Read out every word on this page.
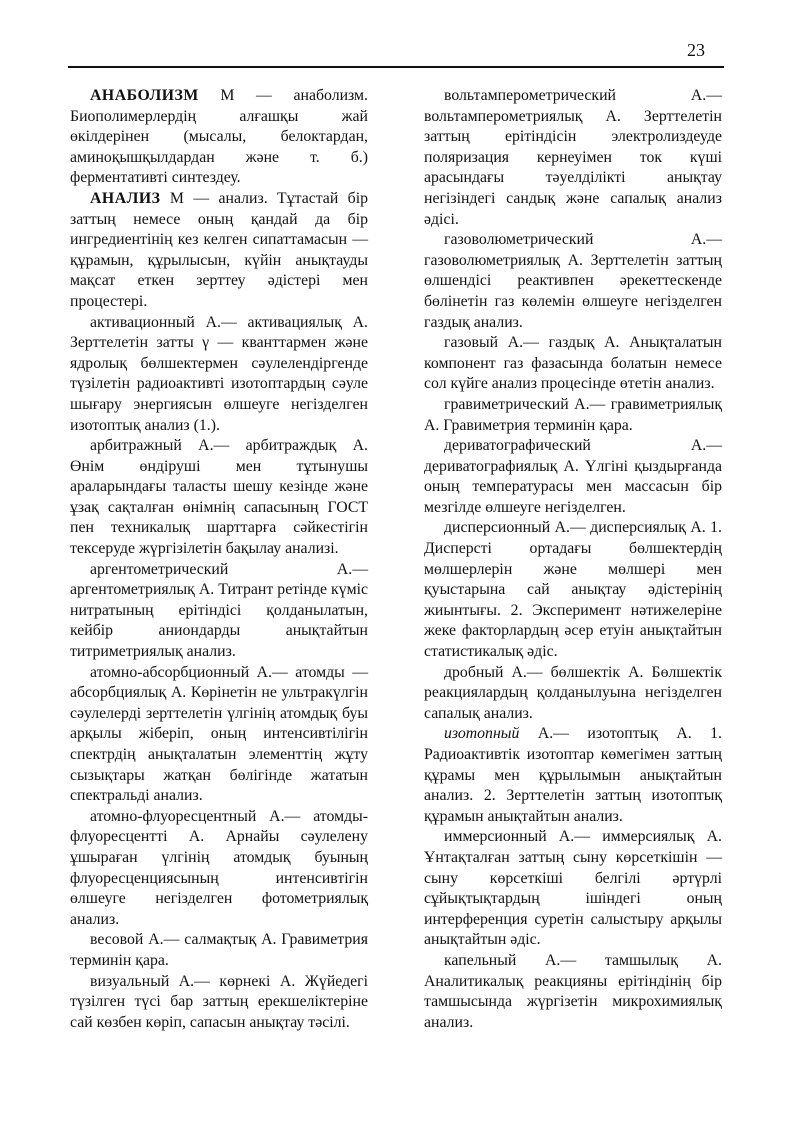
23

АНАБОЛИЗМ М — анаболизм. Биополимерлердің алғашқы жай өкілдерінен (мысалы, белоктардан, аминоқышқылдардан және т. б.) ферментативті синтездеу.

АНАЛИЗ М — анализ. Тұтастай бір заттың немесе оның қандай да бір ингредиентінің кез келген сипаттамасын — құрамын, құрылысын, күйін анықтауды мақсат еткен зерттеу әдістері мен процестері.

активационный А.— активациялық А. Зерттелетін затты γ — кванттармен және ядролық бөлшектермен сәулелендіргенде түзілетін радиоактивті изотоптардың сәуле шығару энергиясын өлшеуге негізделген изотоптық анализ (1.).

арбитражный А.— арбитраждық А. Өнім өндіруші мен тұтынушы араларындағы таласты шешу кезінде және ұзақ сақталған өнімнің сапасының ГОСТ пен техникалық шарттарға сәйкестігін тексеруде жүргізілетін бақылау анализі.

аргентометрический А.— аргентометриялық А. Титрант ретінде күміс нитратының ерітіндісі қолданылатын, кейбір аниондарды анықтайтын титриметриялық анализ.

атомно-абсорбционный А.— атомды — абсорбциялық А. Көрінетін не ультракүлгін сәулелерді зерттелетін үлгінің атомдық буы арқылы жіберіп, оның интенсивтілігін спектрдің анықталатын элементтің жұту сызықтары жатқан бөлігінде жататын спектральді анализ.

атомно-флуоресцентный А.— атомды-флуоресцентті А. Арнайы сәулелену ұшыраған үлгінің атомдық буының флуоресценциясының интенсивтігін өлшеуге негізделген фотометриялық анализ.

весовой А.— салмақтық А. Гравиметрия терминін қара.

визуальный А.— көрнекі А. Жүйедегі түзілген түсі бар заттың ерекшеліктеріне сай көзбен көріп, сапасын анықтау тәсілі.

вольтамперометрический А.— вольтамперометриялық А. Зерттелетін заттың ерітіндісін электролиздеуде поляризация кернеуімен ток күші арасындағы тәуелділікті анықтау негізіндегі сандық және сапалық анализ әдісі.

газоволюметрический А.— газоволюметриялық А. Зерттелетін заттың өлшендісі реактивпен әрекеттескенде бөлінетін газ көлемін өлшеуге негізделген газдық анализ.

газовый А.— газдық А. Анықталатын компонент газ фазасында болатын немесе сол күйге анализ процесінде өтетін анализ.

гравиметрический А.— гравиметриялық А. Гравиметрия терминін қара.

дериватографический А.— дериватографиялық А. Үлгіні қыздырғанда оның температурасы мен массасын бір мезгілде өлшеуге негізделген.

дисперсионный А.— дисперсиялық А. 1. Дисперсті ортадағы бөлшектердің мөлшерлерін және мөлшері мен қуыстарына сай анықтау әдістерінің жиынтығы. 2. Эксперимент нәтижелеріне жеке факторлардың әсер етуін анықтайтын статистикалық әдіс.

дробный А.— бөлшектік А. Бөлшектік реакциялардың қолданылуына негізделген сапалық анализ.

изотопный А.— изотоптық А. 1. Радиоактивтік изотоптар көмегімен заттың құрамы мен құрылымын анықтайтын анализ. 2. Зерттелетін заттың изотоптық құрамын анықтайтын анализ.

иммерсионный А.— иммерсиялық А. Ұнтақталған заттың сыну көрсеткішін — сыну көрсеткіші белгілі әртүрлі сұйықтықтардың ішіндегі оның интерференция суретін салыстыру арқылы анықтайтын әдіс.

капельный А.— тамшылық А. Аналитикалық реакцияны ерітіндінің бір тамшысында жүргізетін микрохимиялық анализ.
